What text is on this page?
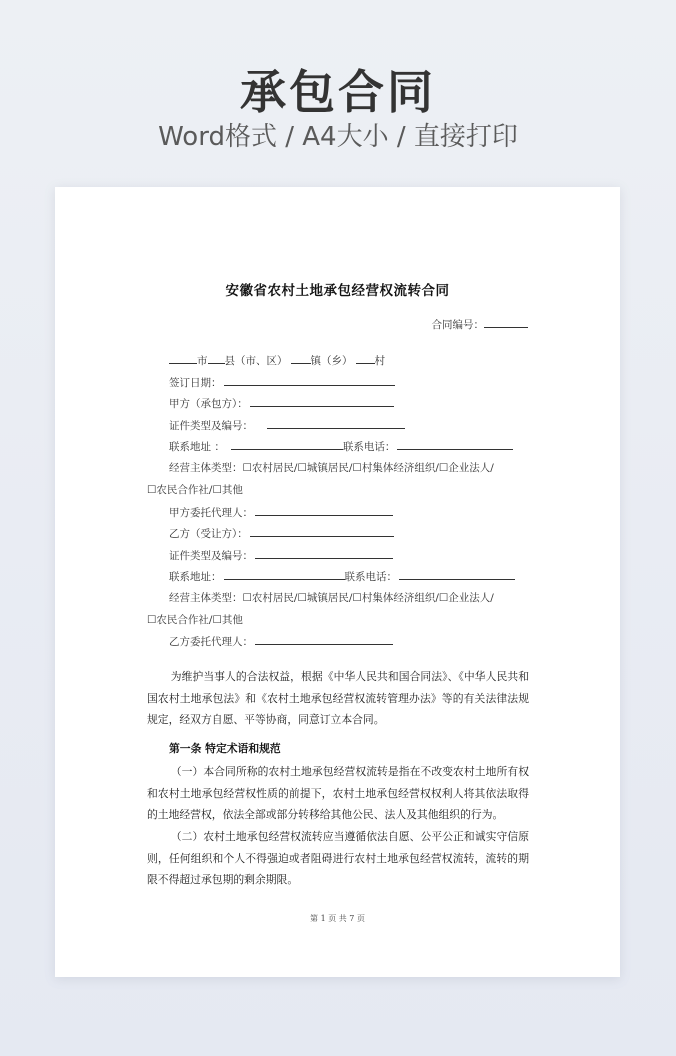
承包合同
Word格式 / A4大小 / 直接打印
安徽省农村土地承包经营权流转合同
合同编号：
市 县（市、区） 镇（乡） 村
签订日期：
甲方（承包方）：
证件类型及编号：
联系地址 ：	联系电话：
经营主体类型：☐农村居民/☐城镇居民/☐村集体经济组织/☐企业法人/
☐农民合作社/☐其他
甲方委托代理人：
乙方（受让方）：
证件类型及编号：
联系地址：	联系电话：
经营主体类型：☐农村居民/☐城镇居民/☐村集体经济组织/☐企业法人/
☐农民合作社/☐其他
乙方委托代理人：

为维护当事人的合法权益，根据《中华人民共和国合同法》、《中华人民共和国农村土地承包法》和《农村土地承包经营权流转管理办法》等的有关法律法规规定，经双方自愿、平等协商，同意订立本合同。

第一条 特定术语和规范

（一）本合同所称的农村土地承包经营权流转是指在不改变农村土地所有权和农村土地承包经营权性质的前提下，农村土地承包经营权权利人将其依法取得的土地经营权，依法全部或部分转移给其他公民、法人及其他组织的行为。

（二）农村土地承包经营权流转应当遵循依法自愿、公平公正和诚实守信原则，任何组织和个人不得强迫或者阻碍进行农村土地承包经营权流转，流转的期限不得超过承包期的剩余期限。

第 1 页 共 7 页
